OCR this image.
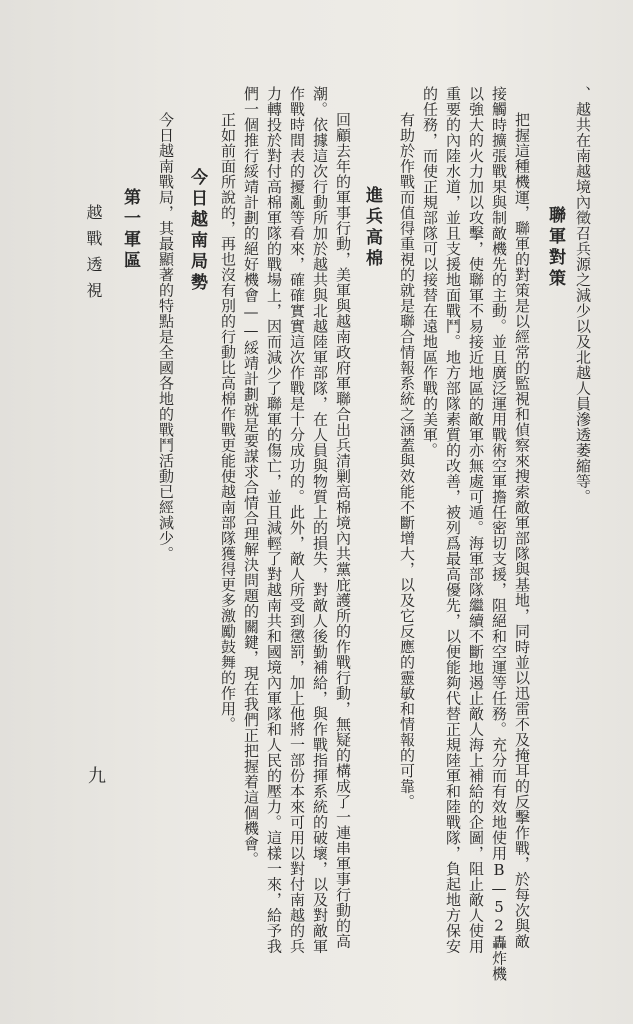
、越共在南越境內徵召兵源之減少以及北越人員滲透萎縮等。
聯軍對策
把握這種機運，聯軍的對策是以經常的監視和偵察來搜索敵軍部隊與基地，同時並以迅雷不及掩耳的反擊作戰，於每次與敵
接觸時擴張戰果與制敵機先的主動。並且廣泛運用戰術空軍擔任密切支援，阻絕和空運等任務。充分而有效地使用B—52轟炸機
以強大的火力加以攻擊，使聯軍不易接近地區的敵軍亦無處可遁。海軍部隊繼續不斷地遏止敵人海上補給的企圖，阻止敵人使用
重要的內陸水道，並且支援地面戰鬥。地方部隊素質的改善，被列爲最高優先，以便能夠代替正規陸軍和陸戰隊，負起地方保安
的任務，而使正規部隊可以接替在遠地區作戰的美軍。
有助於作戰而值得重視的就是聯合情報系統之涵蓋與效能不斷增大，以及它反應的靈敏和情報的可靠。
進兵高棉
回顧去年的軍事行動，美軍與越南政府軍聯合出兵清剿高棉境內共黨庇護所的作戰行動，無疑的構成了一連串軍事行動的高
潮。依據這次行動所加於越共與北越陸軍部隊，在人員與物質上的損失，對敵人後勤補給，與作戰指揮系統的破壞，以及對敵軍
作戰時間表的擾亂等看來，確確實實這次作戰是十分成功的。此外，敵人所受到懲罰，加上他將一部份本來可用以對付南越的兵
力轉投於對付高棉軍隊的戰場上，因而減少了聯軍的傷亡，並且減輕了對越南共和國境內軍隊和人民的壓力。這樣一來，給予我
們一個推行綏靖計劃的絕好機會——綏靖計劃就是要謀求合情合理解決問題的關鍵，現在我們正把握着這個機會。
正如前面所說的，再也沒有別的行動比高棉作戰更能使越南部隊獲得更多激勵鼓舞的作用。
今日越南局勢
今日越南戰局，其最顯著的特點是全國各地的戰鬥活動已經減少。
第一軍區
越戰透視
九
